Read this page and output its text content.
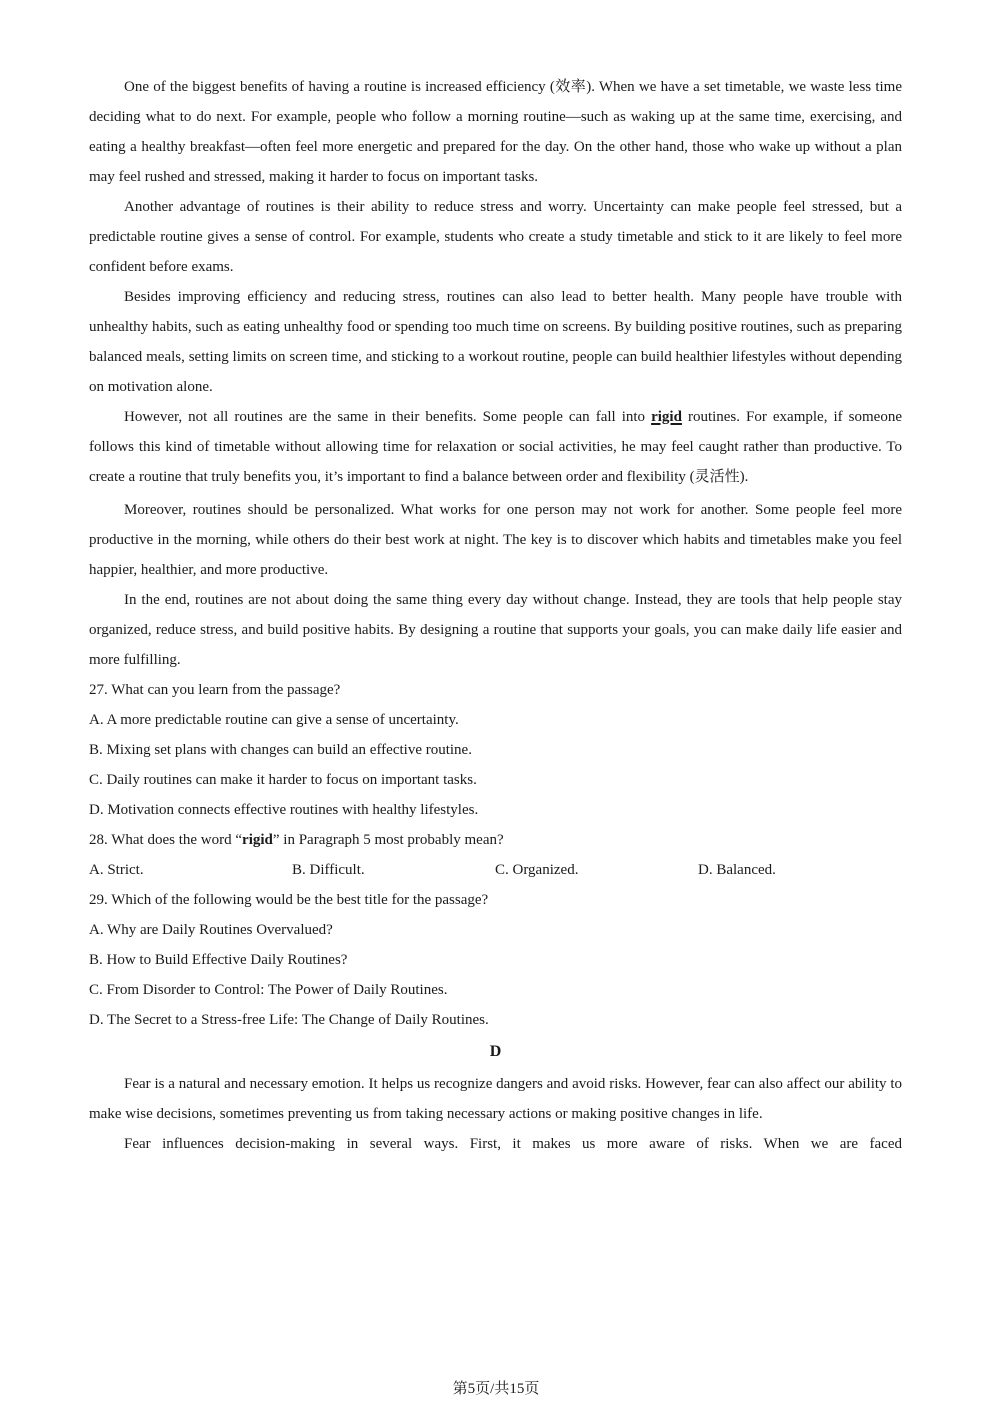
One of the biggest benefits of having a routine is increased efficiency (效率). When we have a set timetable, we waste less time deciding what to do next. For example, people who follow a morning routine—such as waking up at the same time, exercising, and eating a healthy breakfast—often feel more energetic and prepared for the day. On the other hand, those who wake up without a plan may feel rushed and stressed, making it harder to focus on important tasks.

Another advantage of routines is their ability to reduce stress and worry. Uncertainty can make people feel stressed, but a predictable routine gives a sense of control. For example, students who create a study timetable and stick to it are likely to feel more confident before exams.

Besides improving efficiency and reducing stress, routines can also lead to better health. Many people have trouble with unhealthy habits, such as eating unhealthy food or spending too much time on screens. By building positive routines, such as preparing balanced meals, setting limits on screen time, and sticking to a workout routine, people can build healthier lifestyles without depending on motivation alone.

However, not all routines are the same in their benefits. Some people can fall into rigid routines. For example, if someone follows this kind of timetable without allowing time for relaxation or social activities, he may feel caught rather than productive. To create a routine that truly benefits you, it’s important to find a balance between order and flexibility (灵活性).

Moreover, routines should be personalized. What works for one person may not work for another. Some people feel more productive in the morning, while others do their best work at night. The key is to discover which habits and timetables make you feel happier, healthier, and more productive.

In the end, routines are not about doing the same thing every day without change. Instead, they are tools that help people stay organized, reduce stress, and build positive habits. By designing a routine that supports your goals, you can make daily life easier and more fulfilling.

27. What can you learn from the passage?

A. A more predictable routine can give a sense of uncertainty.

B. Mixing set plans with changes can build an effective routine.

C. Daily routines can make it harder to focus on important tasks.

D. Motivation connects effective routines with healthy lifestyles.

28. What does the word “rigid” in Paragraph 5 most probably mean?

A. Strict.	B. Difficult.	C. Organized.	D. Balanced.

29. Which of the following would be the best title for the passage?

A. Why are Daily Routines Overvalued?

B. How to Build Effective Daily Routines?

C. From Disorder to Control: The Power of Daily Routines.

D. The Secret to a Stress-free Life: The Change of Daily Routines.

D

Fear is a natural and necessary emotion. It helps us recognize dangers and avoid risks. However, fear can also affect our ability to make wise decisions, sometimes preventing us from taking necessary actions or making positive changes in life.

Fear influences decision-making in several ways. First, it makes us more aware of risks. When we are faced

第5页/共15页
